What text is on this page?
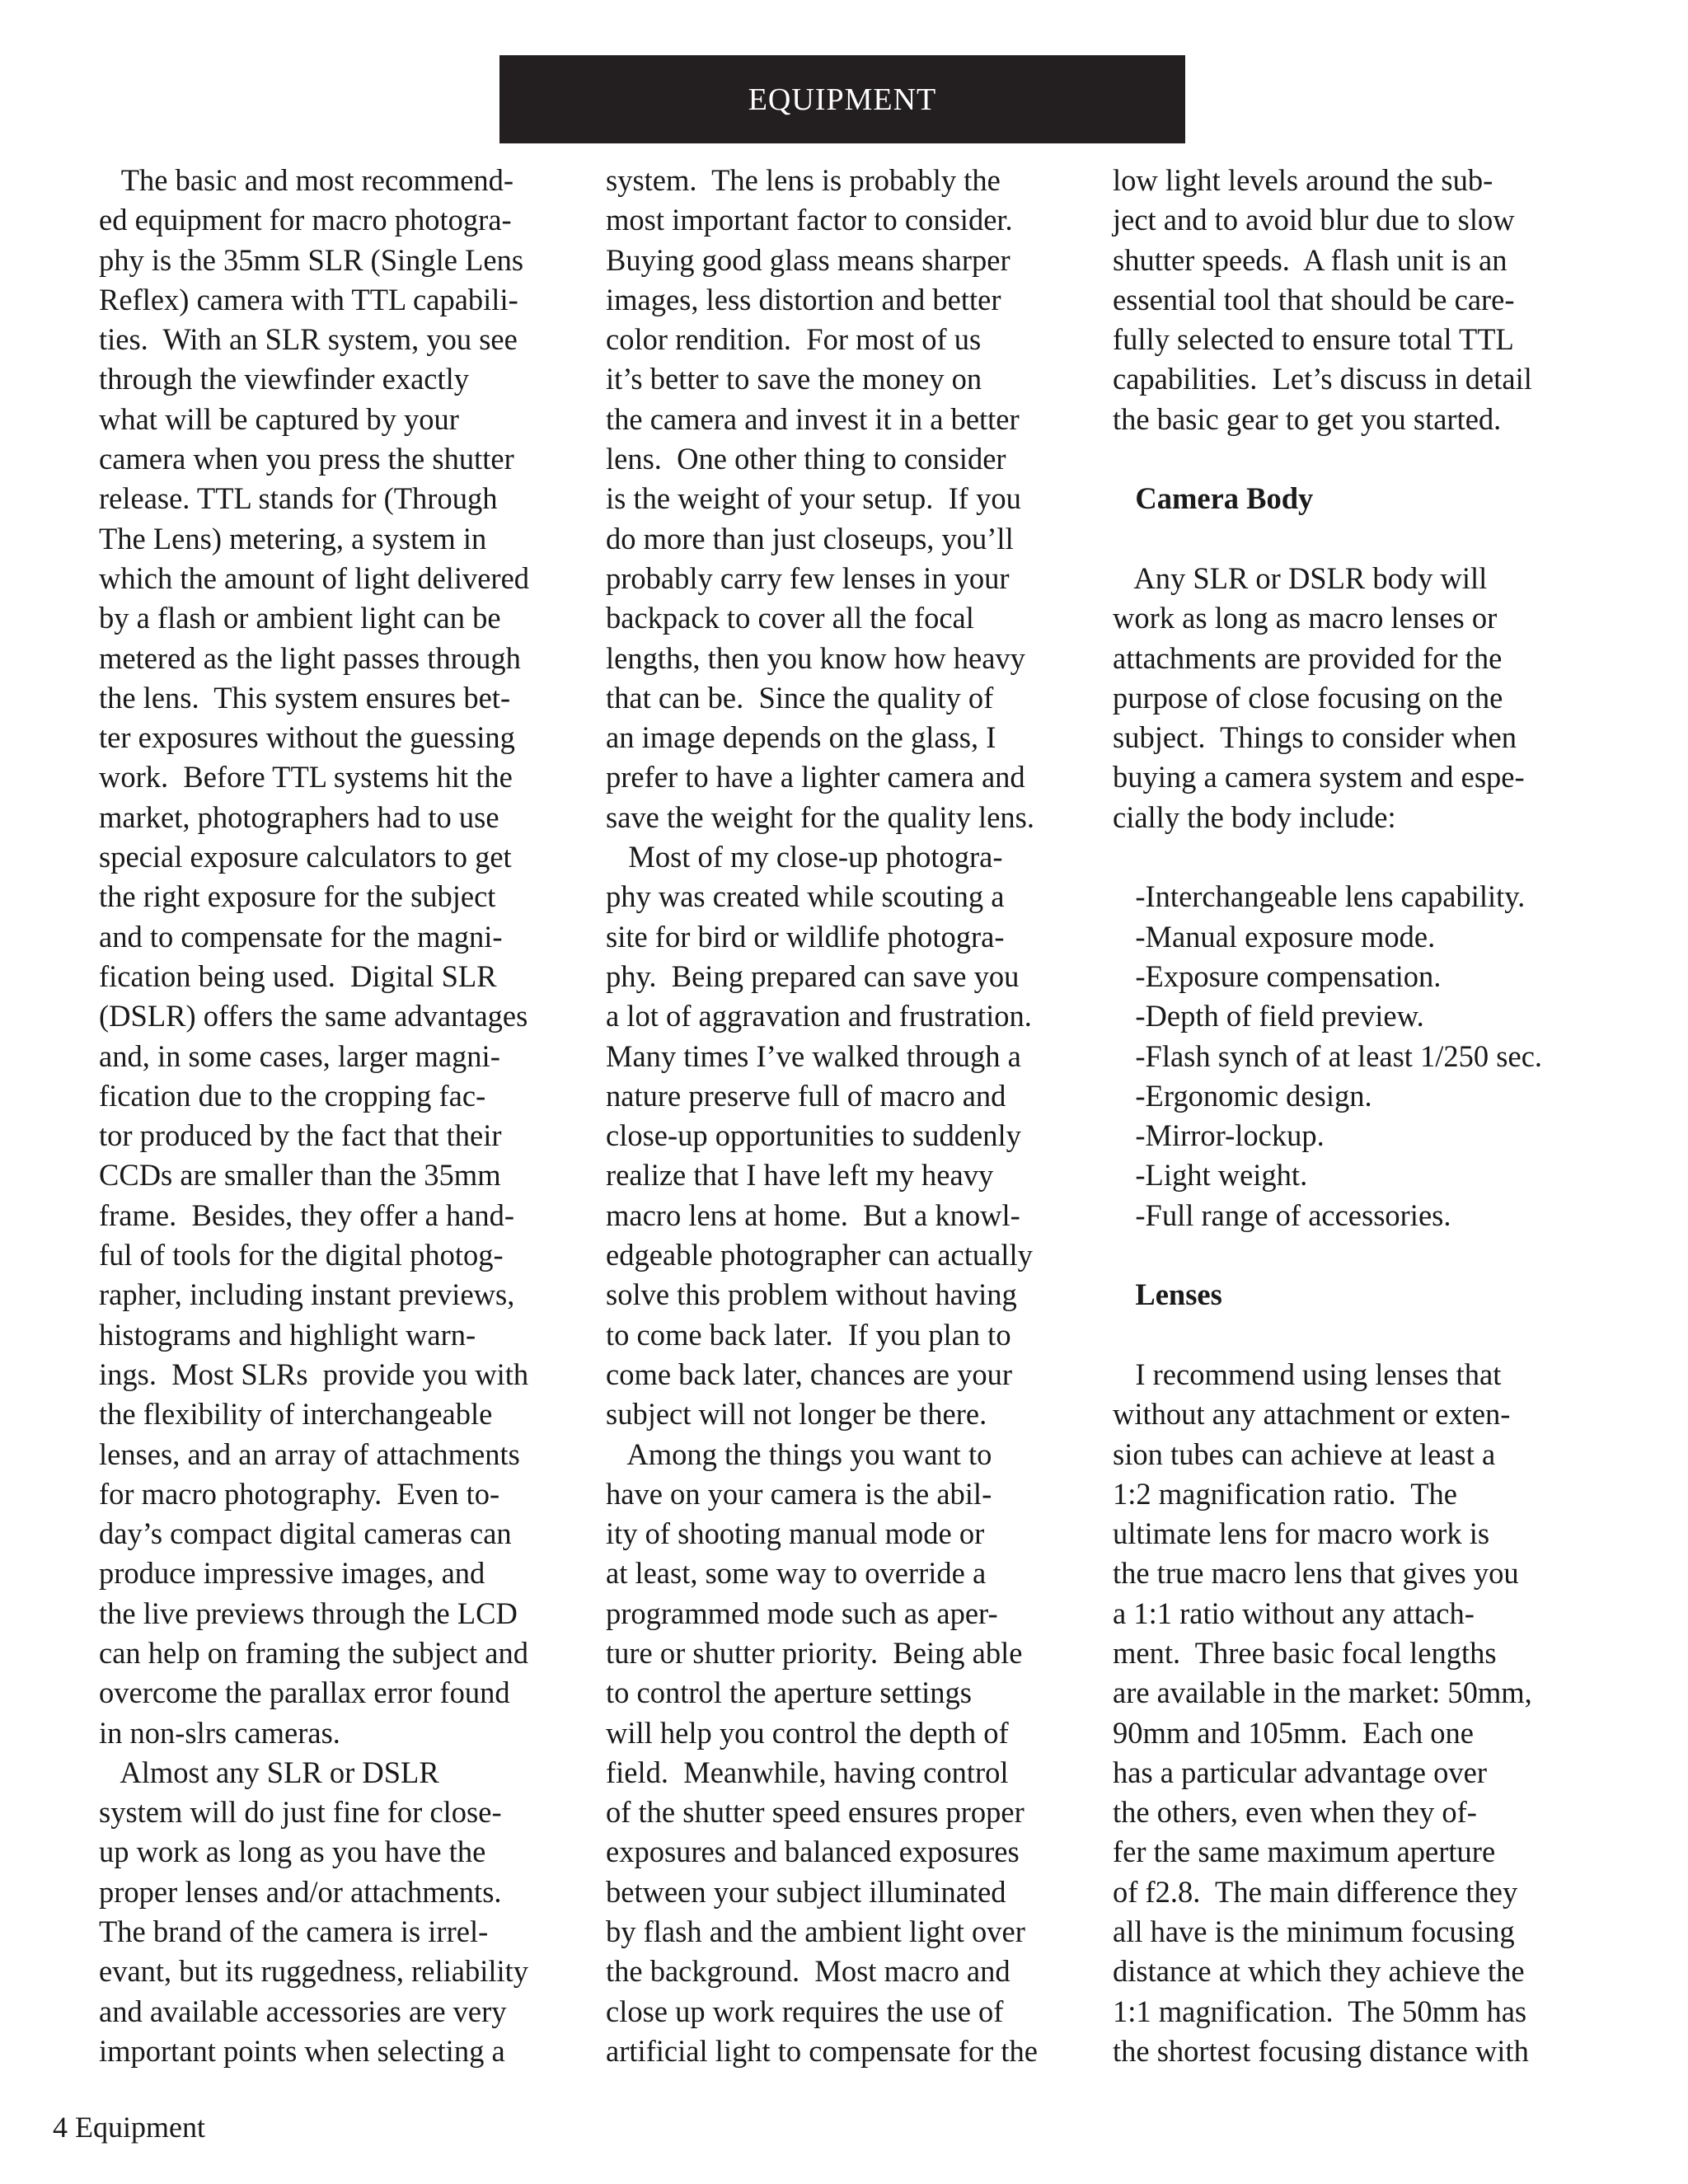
EQUIPMENT

The basic and most recommend-

ed equipment for macro photogra-

phy is the 35mm SLR (Single Lens

Reflex) camera with TTL capabili-

ties.  With an SLR system, you see

through the viewfinder exactly

what will be captured by your

camera when you press the shutter

release. TTL stands for (Through

The Lens) metering, a system in

which the amount of light delivered

by a flash or ambient light can be

metered as the light passes through

the lens.  This system ensures bet-

ter exposures without the guessing

work.  Before TTL systems hit the

market, photographers had to use

special exposure calculators to get

the right exposure for the subject

and to compensate for the magni-

fication being used.  Digital SLR

(DSLR) offers the same advantages

and, in some cases, larger magni-

fication due to the cropping fac-

tor produced by the fact that their

CCDs are smaller than the 35mm

frame.  Besides, they offer a hand-

ful of tools for the digital photog-

rapher, including instant previews,

histograms and highlight warn-

ings.  Most SLRs  provide you with

the flexibility of interchangeable

lenses, and an array of attachments

for macro photography.  Even to-

day’s compact digital cameras can

produce impressive images, and

the live previews through the LCD

can help on framing the subject and

overcome the parallax error found

in non-slrs cameras.

Almost any SLR or DSLR

system will do just fine for close-

up work as long as you have the

proper lenses and/or attachments.

The brand of the camera is irrel-

evant, but its ruggedness, reliability

and available accessories are very

important points when selecting a

system.  The lens is probably the

most important factor to consider.

Buying good glass means sharper

images, less distortion and better

color rendition.  For most of us

it’s better to save the money on

the camera and invest it in a better

lens.  One other thing to consider

is the weight of your setup.  If you

do more than just closeups, you’ll

probably carry few lenses in your

backpack to cover all the focal

lengths, then you know how heavy

that can be.  Since the quality of

an image depends on the glass, I

prefer to have a lighter camera and

save the weight for the quality lens.

Most of my close-up photogra-

phy was created while scouting a

site for bird or wildlife photogra-

phy.  Being prepared can save you

a lot of aggravation and frustration.

Many times I’ve walked through a

nature preserve full of macro and

close-up opportunities to suddenly

realize that I have left my heavy

macro lens at home.  But a knowl-

edgeable photographer can actually

solve this problem without having

to come back later.  If you plan to

come back later, chances are your

subject will not longer be there.

Among the things you want to

have on your camera is the abil-

ity of shooting manual mode or

at least, some way to override a

programmed mode such as aper-

ture or shutter priority.  Being able

to control the aperture settings

will help you control the depth of

field.  Meanwhile, having control

of the shutter speed ensures proper

exposures and balanced exposures

between your subject illuminated

by flash and the ambient light over

the background.  Most macro and

close up work requires the use of

artificial light to compensate for the

low light levels around the sub-

ject and to avoid blur due to slow

shutter speeds.  A flash unit is an

essential tool that should be care-

fully selected to ensure total TTL

capabilities.  Let’s discuss in detail

the basic gear to get you started.

Camera Body

Any SLR or DSLR body will

work as long as macro lenses or

attachments are provided for the

purpose of close focusing on the

subject.  Things to consider when

buying a camera system and espe-

cially the body include:

-Interchangeable lens capability.

-Manual exposure mode.

-Exposure compensation.

-Depth of field preview.

-Flash synch of at least 1/250 sec.

-Ergonomic design.

-Mirror-lockup.

-Light weight.

-Full range of accessories.

Lenses

I recommend using lenses that

without any attachment or exten-

sion tubes can achieve at least a

1:2 magnification ratio.  The

ultimate lens for macro work is

the true macro lens that gives you

a 1:1 ratio without any attach-

ment.  Three basic focal lengths

are available in the market: 50mm,

90mm and 105mm.  Each one

has a particular advantage over

the others, even when they of-

fer the same maximum aperture

of f2.8.  The main difference they

all have is the minimum focusing

distance at which they achieve the

1:1 magnification.  The 50mm has

the shortest focusing distance with

4 Equipment
